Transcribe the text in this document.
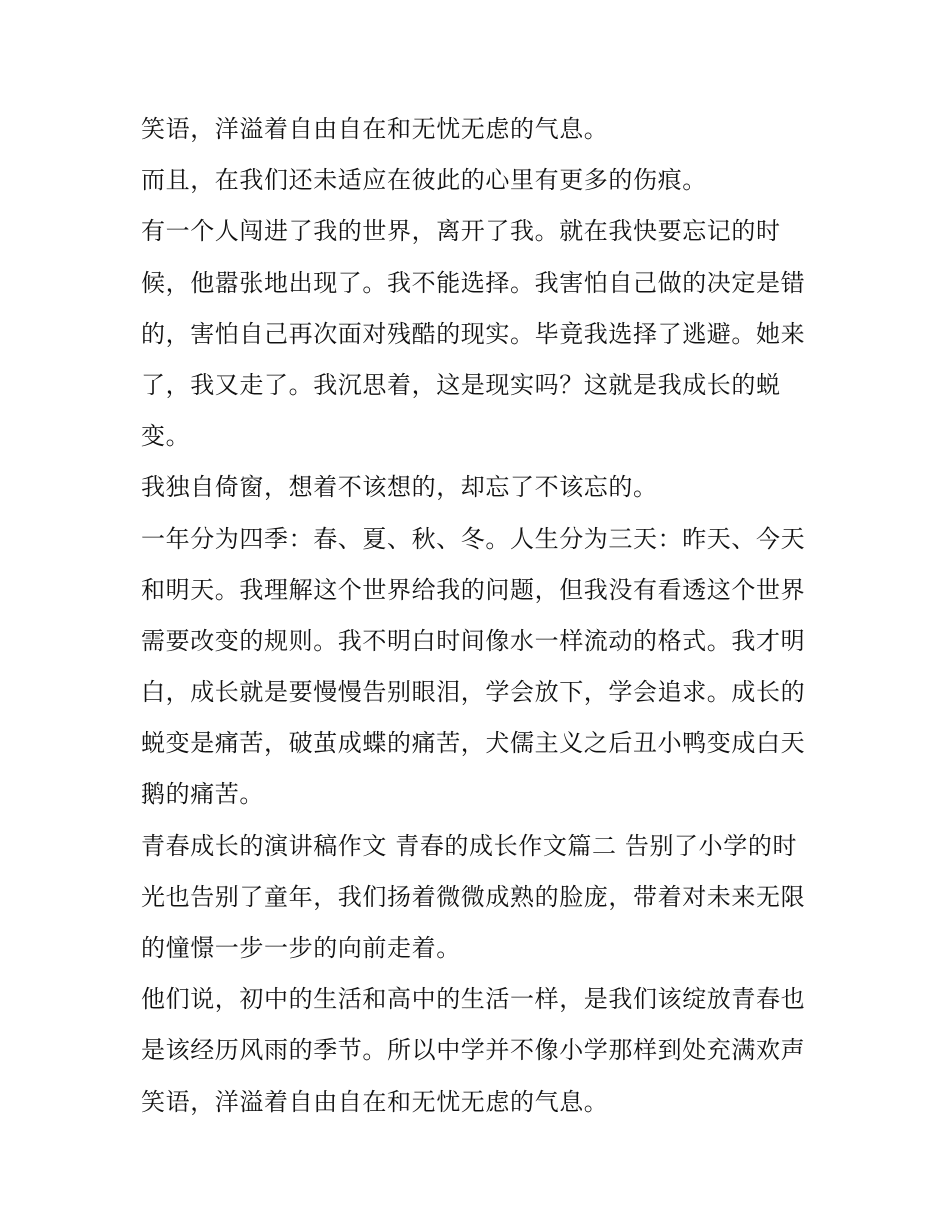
笑语，洋溢着自由自在和无忧无虑的气息。
而且，在我们还未适应在彼此的心里有更多的伤痕。
有一个人闯进了我的世界，离开了我。就在我快要忘记的时
候，他嚣张地出现了。我不能选择。我害怕自己做的决定是错
的，害怕自己再次面对残酷的现实。毕竟我选择了逃避。她来
了，我又走了。我沉思着，这是现实吗？这就是我成长的蜕
变。
我独自倚窗，想着不该想的，却忘了不该忘的。
一年分为四季：春、夏、秋、冬。人生分为三天：昨天、今天
和明天。我理解这个世界给我的问题，但我没有看透这个世界
需要改变的规则。我不明白时间像水一样流动的格式。我才明
白，成长就是要慢慢告别眼泪，学会放下，学会追求。成长的
蜕变是痛苦，破茧成蝶的痛苦，犬儒主义之后丑小鸭变成白天
鹅的痛苦。
青春成长的演讲稿作文 青春的成长作文篇二 告别了小学的时
光也告别了童年，我们扬着微微成熟的脸庞，带着对未来无限
的憧憬一步一步的向前走着。
他们说，初中的生活和高中的生活一样，是我们该绽放青春也
是该经历风雨的季节。所以中学并不像小学那样到处充满欢声
笑语，洋溢着自由自在和无忧无虑的气息。
